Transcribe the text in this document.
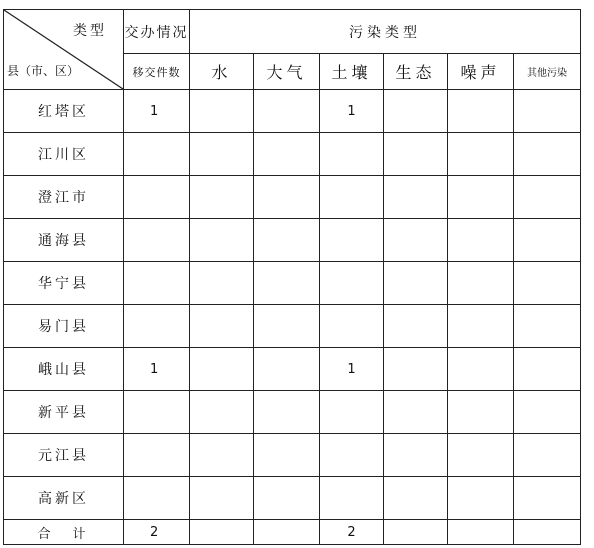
类型
县（市、区）	交办情况	污染类型					
	移交件数	水	大气	土壤	生态	噪声	其他污染
红塔区	1			1			
江川区							
澄江市							
通海县							
华宁县							
易门县							
峨山县	1			1			
新平县							
元江县							
高新区							
合计	2			2			
